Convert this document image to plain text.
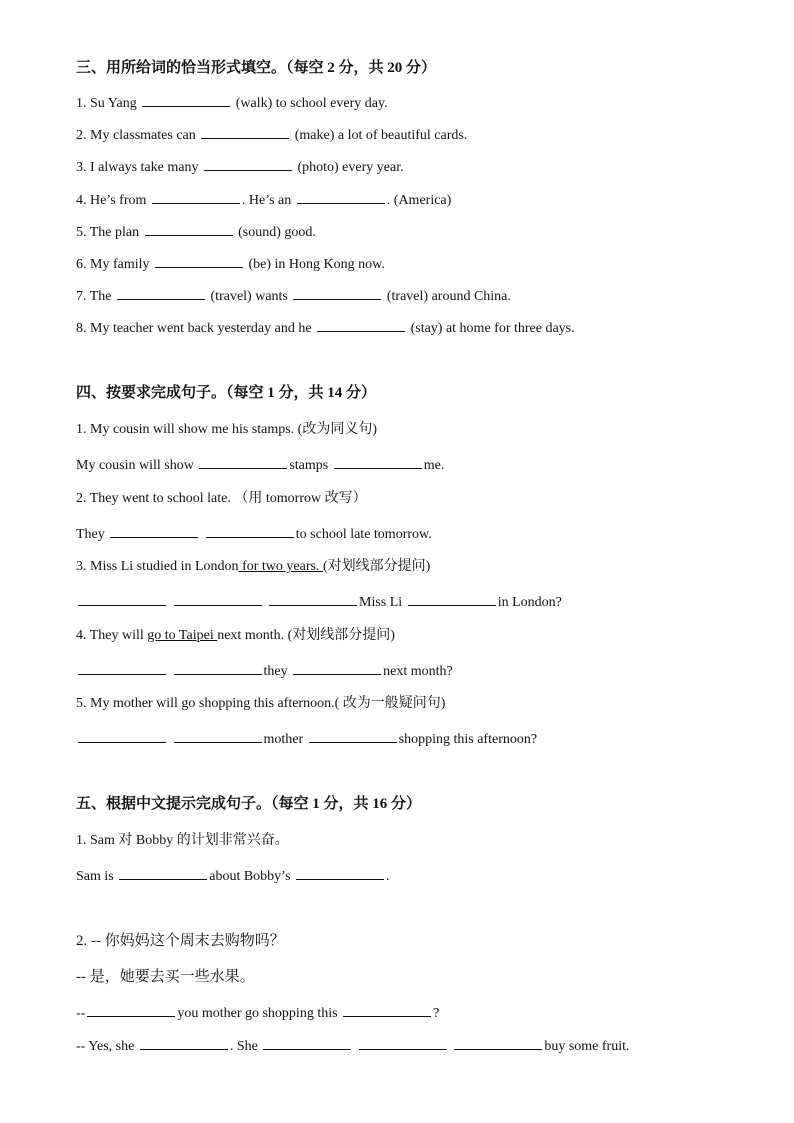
三、用所给词的恰当形式填空。（每空 2 分，共 20 分）
1. Su Yang	(walk) to school every day.
2. My classmates can	(make) a lot of beautiful cards.
3. I always take many	(photo) every year.
4. He’s from	. He’s an	. (America)
5. The plan	(sound) good.
6. My family	(be) in Hong Kong now.
7. The	(travel) wants	(travel) around China.
8. My teacher went back yesterday and he	(stay) at home for three days.
四、按要求完成句子。（每空 1 分，共 14 分）
1. My cousin will show me his stamps. (改为同义句)
My cousin will show	stamps	me.
2. They went to school late. （用 tomorrow 改写）
They	to school late tomorrow.
3. Miss Li studied in London for two years. (对划线部分提问)
Miss Li	in London?
4. They will go to Taipei next month. (对划线部分提问)
they	next month?
5. My mother will go shopping this afternoon.( 改为一般疑问句)
mother	shopping this afternoon?
五、根据中文提示完成句子。（每空 1 分，共 16 分）
1. Sam 对 Bobby 的计划非常兴奋。
Sam is	about Bobby’s	.
2. -- 你妈妈这个周末去购物吗？
-- 是，她要去买一些水果。
--	you mother go shopping this	?
-- Yes, she	. She	buy some fruit.
